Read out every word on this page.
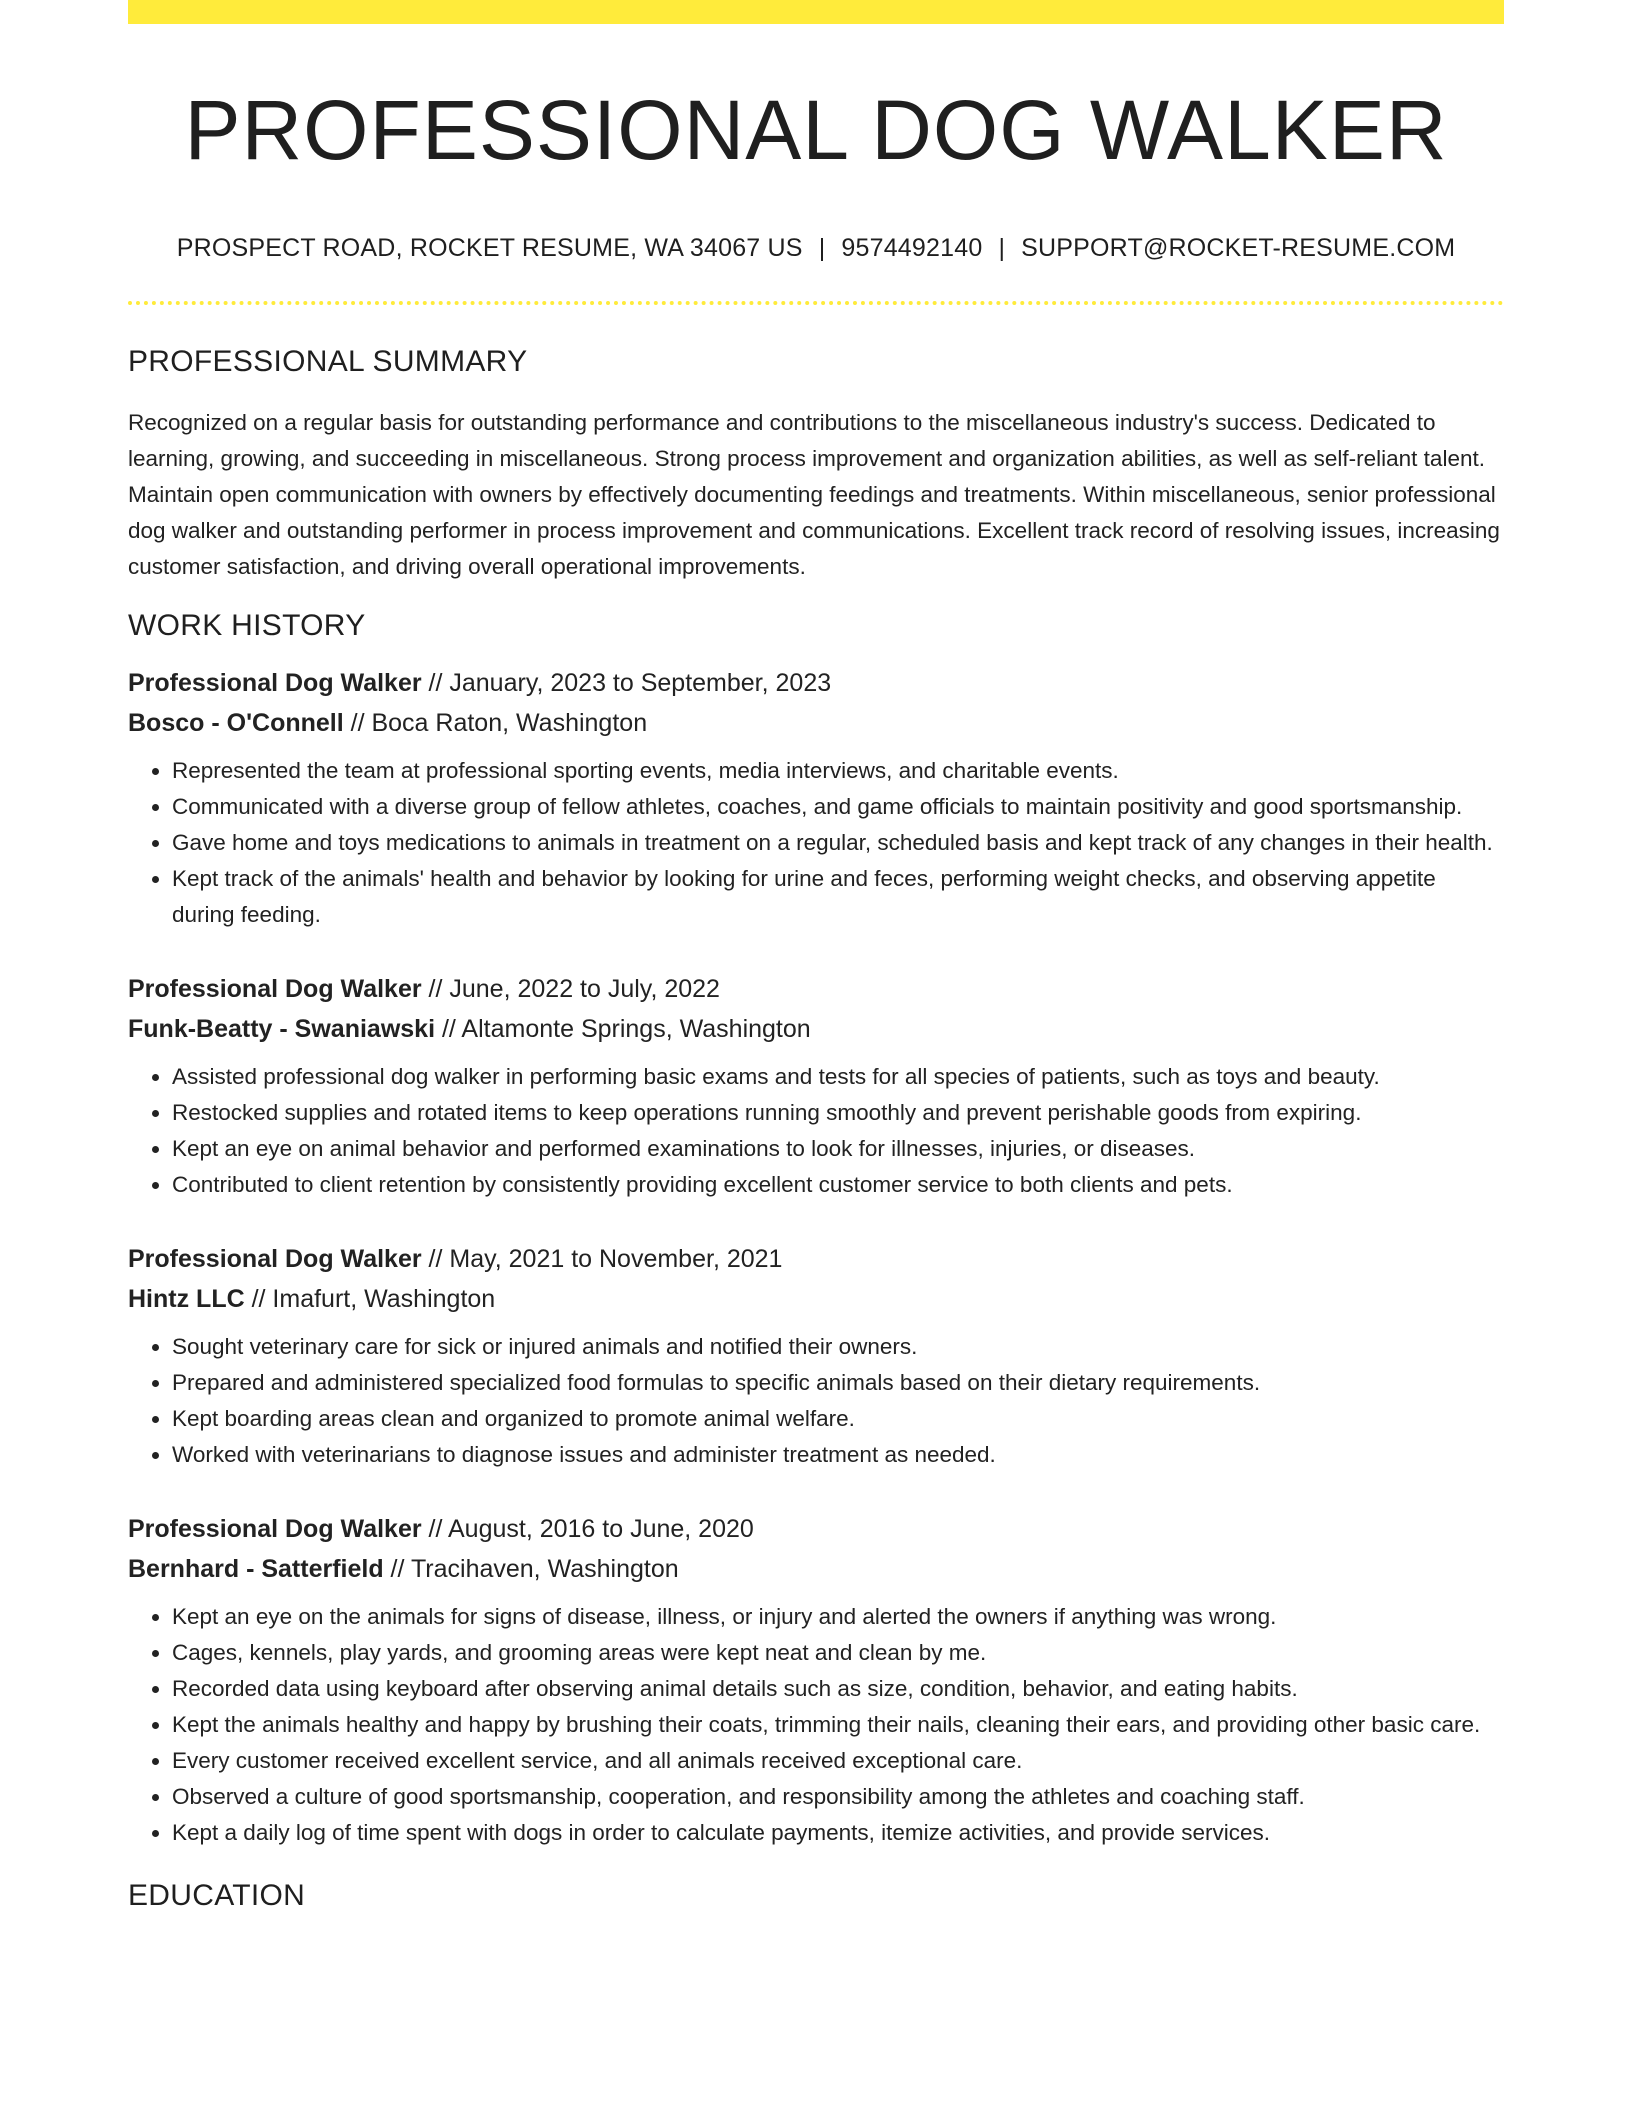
PROFESSIONAL DOG WALKER
PROSPECT ROAD, ROCKET RESUME, WA 34067 US | 9574492140 | SUPPORT@ROCKET-RESUME.COM
PROFESSIONAL SUMMARY

Recognized on a regular basis for outstanding performance and contributions to the miscellaneous industry's success. Dedicated to learning, growing, and succeeding in miscellaneous. Strong process improvement and organization abilities, as well as self-reliant talent. Maintain open communication with owners by effectively documenting feedings and treatments. Within miscellaneous, senior professional dog walker and outstanding performer in process improvement and communications. Excellent track record of resolving issues, increasing customer satisfaction, and driving overall operational improvements.

WORK HISTORY
Professional Dog Walker // January, 2023 to September, 2023
Bosco - O'Connell // Boca Raton, Washington
• Represented the team at professional sporting events, media interviews, and charitable events.
• Communicated with a diverse group of fellow athletes, coaches, and game officials to maintain positivity and good sportsmanship.
• Gave home and toys medications to animals in treatment on a regular, scheduled basis and kept track of any changes in their health.
• Kept track of the animals' health and behavior by looking for urine and feces, performing weight checks, and observing appetite during feeding.
Professional Dog Walker // June, 2022 to July, 2022
Funk-Beatty - Swaniawski // Altamonte Springs, Washington
• Assisted professional dog walker in performing basic exams and tests for all species of patients, such as toys and beauty.
• Restocked supplies and rotated items to keep operations running smoothly and prevent perishable goods from expiring.
• Kept an eye on animal behavior and performed examinations to look for illnesses, injuries, or diseases.
• Contributed to client retention by consistently providing excellent customer service to both clients and pets.
Professional Dog Walker // May, 2021 to November, 2021
Hintz LLC // Imafurt, Washington
• Sought veterinary care for sick or injured animals and notified their owners.
• Prepared and administered specialized food formulas to specific animals based on their dietary requirements.
• Kept boarding areas clean and organized to promote animal welfare.
• Worked with veterinarians to diagnose issues and administer treatment as needed.
Professional Dog Walker // August, 2016 to June, 2020
Bernhard - Satterfield // Tracihaven, Washington
• Kept an eye on the animals for signs of disease, illness, or injury and alerted the owners if anything was wrong.
• Cages, kennels, play yards, and grooming areas were kept neat and clean by me.
• Recorded data using keyboard after observing animal details such as size, condition, behavior, and eating habits.
• Kept the animals healthy and happy by brushing their coats, trimming their nails, cleaning their ears, and providing other basic care.
• Every customer received excellent service, and all animals received exceptional care.
• Observed a culture of good sportsmanship, cooperation, and responsibility among the athletes and coaching staff.
• Kept a daily log of time spent with dogs in order to calculate payments, itemize activities, and provide services.
EDUCATION
